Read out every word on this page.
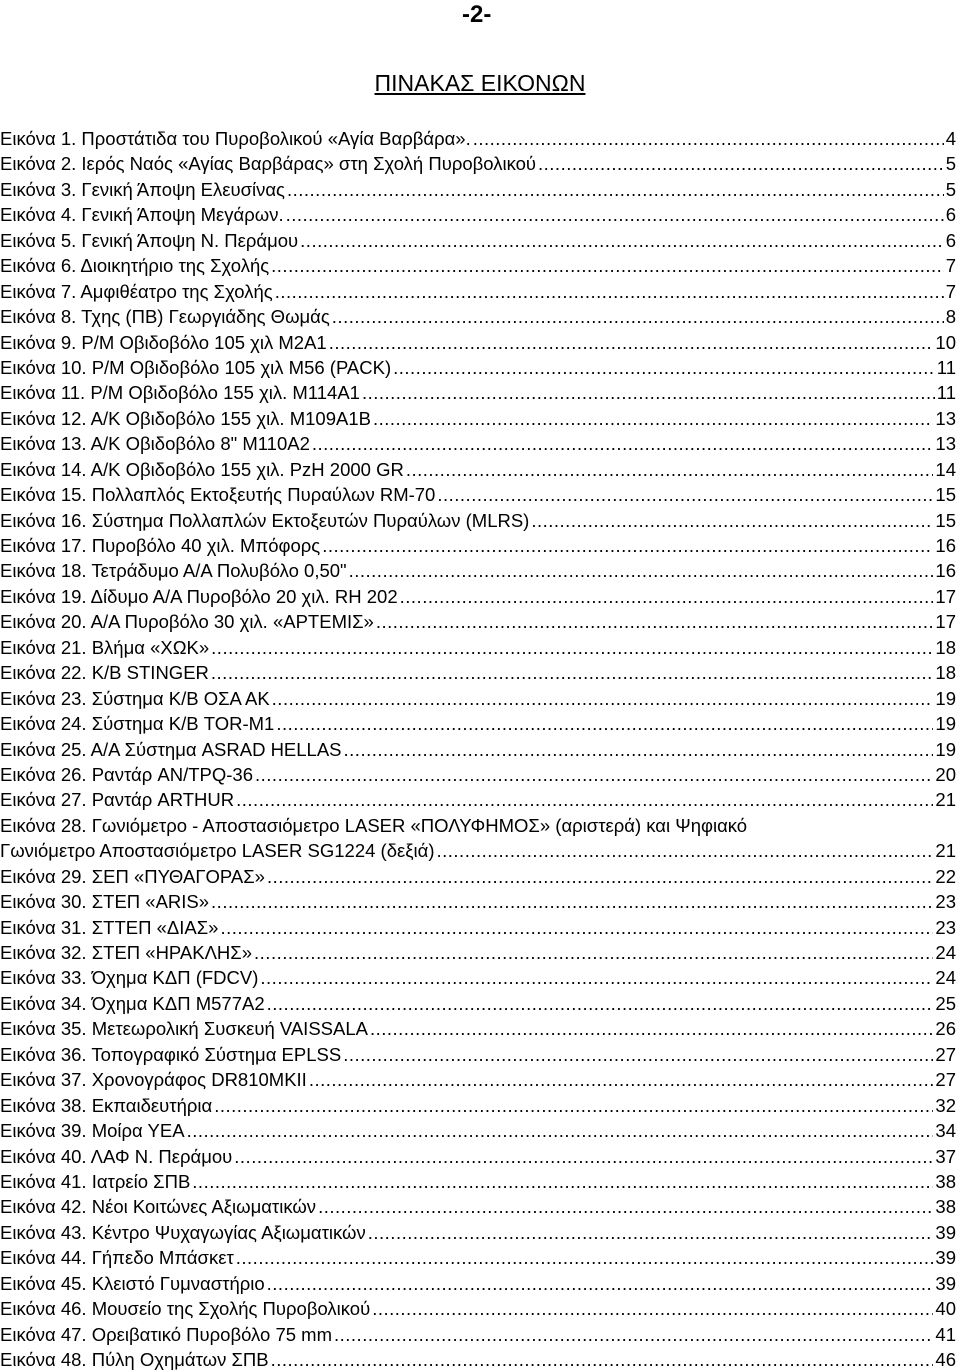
-2-
ΠΙΝΑΚΑΣ ΕΙΚΟΝΩΝ
Εικόνα 1. Προστάτιδα του Πυροβολικού «Αγία Βαρβάρα». .....	4
Εικόνα 2. Ιερός Ναός «Αγίας Βαρβάρας» στη Σχολή Πυροβολικού .....	5
Εικόνα 3. Γενική Άποψη Ελευσίνας .....	5
Εικόνα 4. Γενική Άποψη Μεγάρων. .....	6
Εικόνα 5. Γενική Άποψη Ν. Περάμου .....	6
Εικόνα 6. Διοικητήριο της Σχολής .....	7
Εικόνα 7. Αμφιθέατρο της Σχολής .....	7
Εικόνα 8. Τχης (ΠΒ) Γεωργιάδης Θωμάς .....	8
Εικόνα 9. Ρ/Μ Οβιδοβόλο 105 χιλ Μ2Α1 .....	10
Εικόνα 10. Ρ/Μ Οβιδοβόλο 105 χιλ Μ56 (PACK) .....	11
Εικόνα 11. Ρ/Μ Οβιδοβόλο 155 χιλ. Μ114Α1 .....	11
Εικόνα 12. Α/Κ Οβιδοβόλο 155 χιλ. Μ109Α1Β .....	13
Εικόνα 13. Α/Κ Οβιδοβόλο 8" Μ110Α2 .....	13
Εικόνα 14. Α/Κ Οβιδοβόλο 155 χιλ. PzH 2000 GR .....	14
Εικόνα 15. Πολλαπλός Εκτοξευτής Πυραύλων RM-70 .....	15
Εικόνα 16. Σύστημα Πολλαπλών Εκτοξευτών Πυραύλων (MLRS) .....	15
Εικόνα 17. Πυροβόλο 40 χιλ. Μπόφορς .....	16
Εικόνα 18. Τετράδυμο Α/Α Πολυβόλο 0,50" .....	16
Εικόνα 19. Δίδυμο Α/Α Πυροβόλο 20 χιλ. RH 202 .....	17
Εικόνα 20. Α/Α Πυροβόλο 30 χιλ. «ΑΡΤΕΜΙΣ» .....	17
Εικόνα 21. Βλήμα «ΧΩΚ» .....	18
Εικόνα 22. Κ/Β STINGER .....	18
Εικόνα 23. Σύστημα Κ/Β ΟΣΑ ΑΚ .....	19
Εικόνα 24. Σύστημα Κ/Β TOR-M1 .....	19
Εικόνα 25. Α/Α Σύστημα ASRAD HELLAS .....	19
Εικόνα 26. Ραντάρ AN/TPQ-36 .....	20
Εικόνα 27. Ραντάρ ARTHUR .....	21
Εικόνα 28. Γωνιόμετρο - Αποστασιόμετρο LASER «ΠΟΛΥΦΗΜΟΣ» (αριστερά) και Ψηφιακό
Γωνιόμετρο Αποστασιόμετρο LASER SG1224 (δεξιά) .....	21
Εικόνα 29. ΣΕΠ «ΠΥΘΑΓΟΡΑΣ» .....	22
Εικόνα 30. ΣΤΕΠ «ARIS» .....	23
Εικόνα 31. ΣΤΤΕΠ «ΔΙΑΣ» .....	23
Εικόνα 32. ΣΤΕΠ «ΗΡΑΚΛΗΣ» .....	24
Εικόνα 33. Όχημα ΚΔΠ (FDCV) .....	24
Εικόνα 34. Όχημα ΚΔΠ Μ577Α2 .....	25
Εικόνα 35. Μετεωρολική Συσκευή VAISSALA .....	26
Εικόνα 36. Τοπογραφικό Σύστημα EPLSS .....	27
Εικόνα 37. Χρονογράφος DR810MKII .....	27
Εικόνα 38. Εκπαιδευτήρια .....	32
Εικόνα 39. Μοίρα ΥΕΑ .....	34
Εικόνα 40. ΛΑΦ Ν. Περάμου .....	37
Εικόνα 41. Ιατρείο ΣΠΒ .....	38
Εικόνα 42. Νέοι Κοιτώνες Αξιωματικών .....	38
Εικόνα 43. Κέντρο Ψυχαγωγίας Αξιωματικών .....	39
Εικόνα 44. Γήπεδο Μπάσκετ .....	39
Εικόνα 45. Κλειστό Γυμναστήριο .....	39
Εικόνα 46. Μουσείο της Σχολής Πυροβολικού .....	40
Εικόνα 47. Ορειβατικό Πυροβόλο 75 mm .....	41
Εικόνα 48. Πύλη Οχημάτων ΣΠΒ .....	46
